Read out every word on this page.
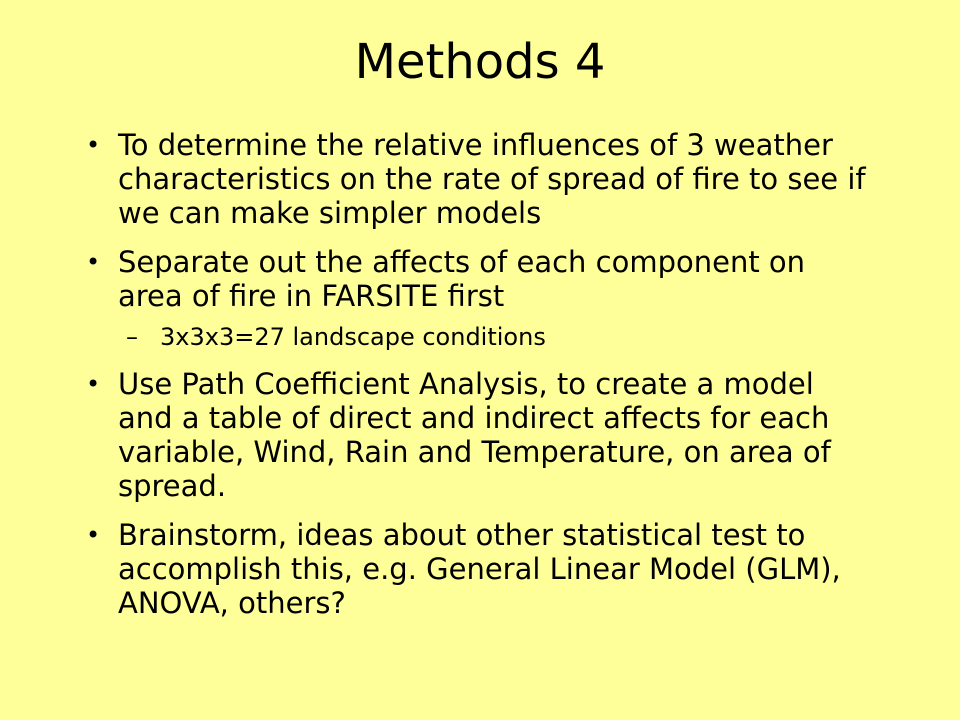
Methods 4
• To determine the relative influences of 3 weather characteristics on the rate of spread of fire to see if we can make simpler models
• Separate out the affects of each component on area of fire in FARSITE first
– 3x3x3=27 landscape conditions
• Use Path Coefficient Analysis, to create a model and a table of direct and indirect affects for each variable, Wind, Rain and Temperature, on area of spread.
• Brainstorm, ideas about other statistical test to accomplish this, e.g. General Linear Model (GLM), ANOVA, others?
